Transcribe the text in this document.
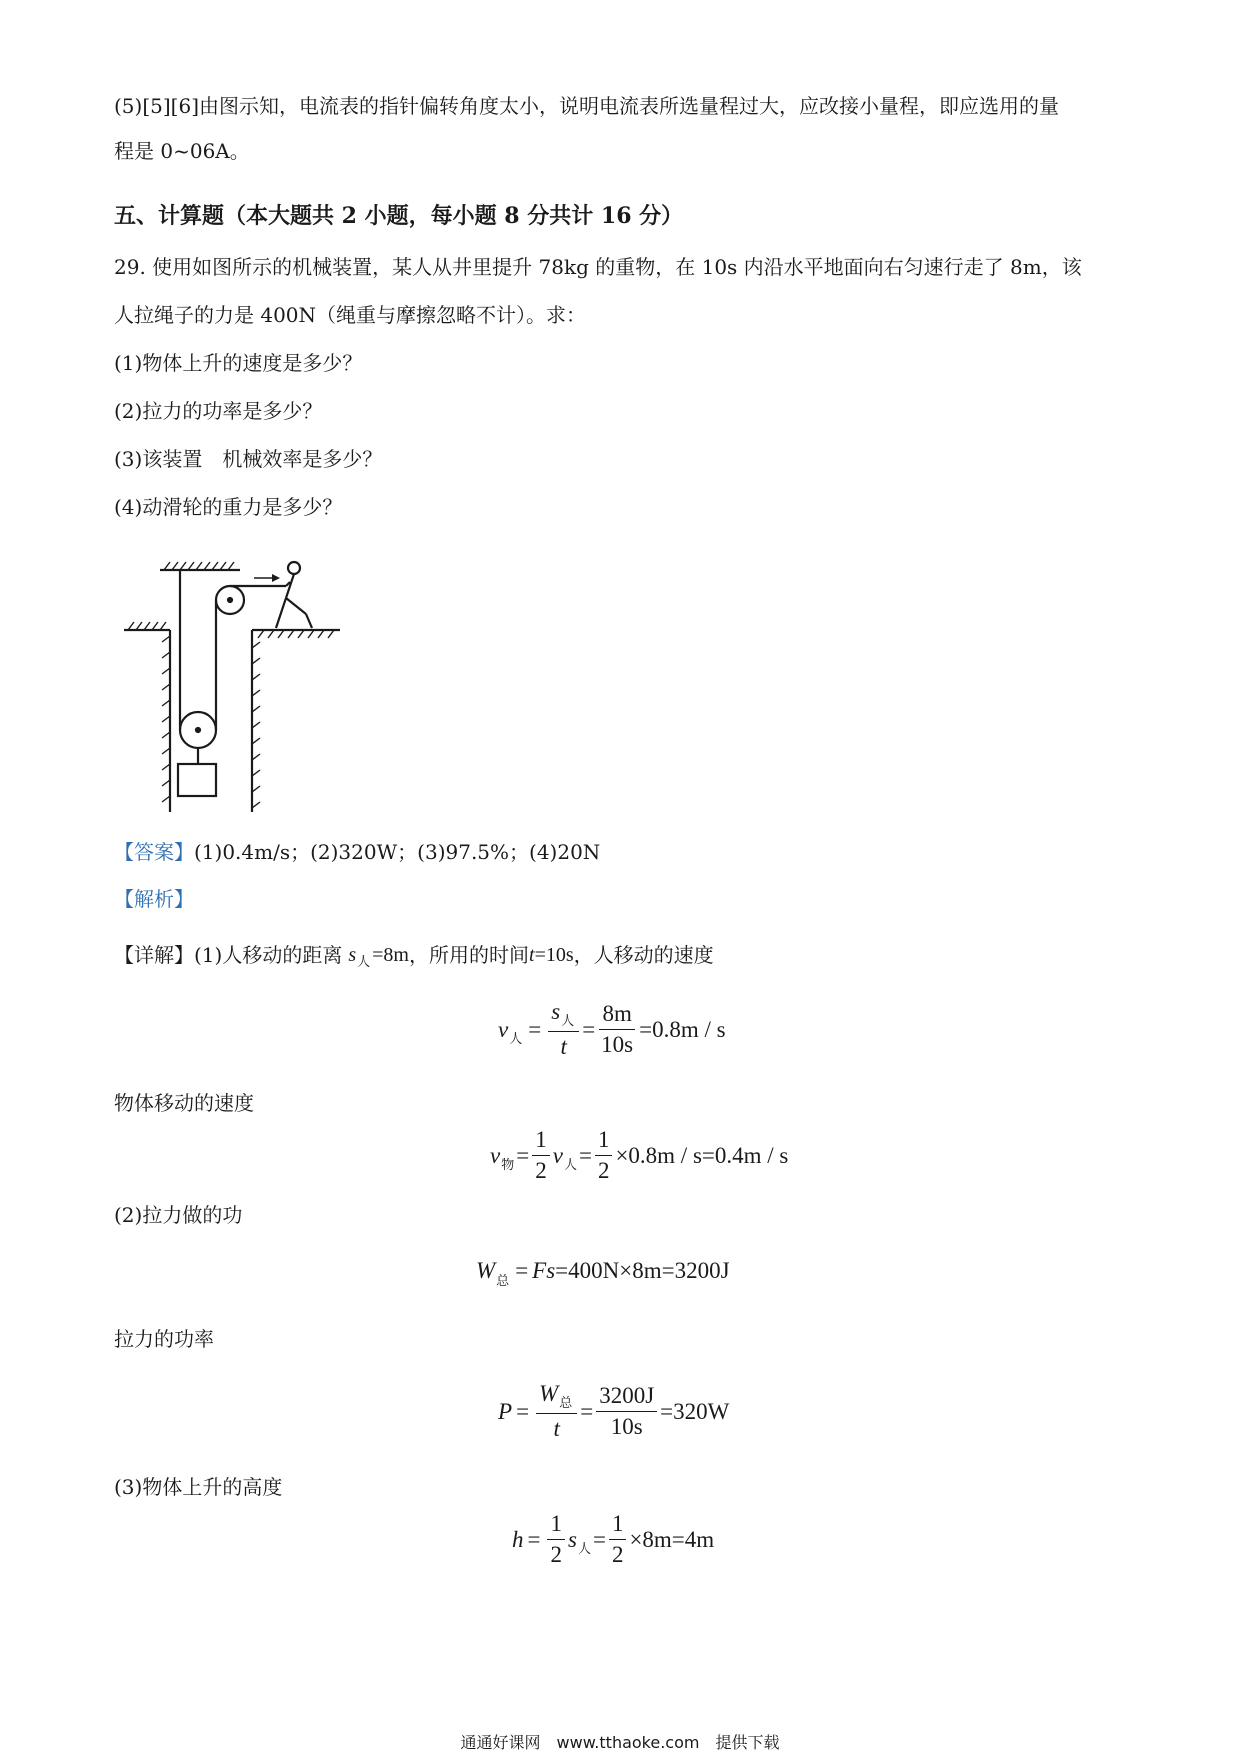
(5)[5][6]由图示知，电流表的指针偏转角度太小，说明电流表所选量程过大，应改接小量程，即应选用的量
程是 0~06A。
五、计算题（本大题共 2 小题，每小题 8 分共计 16 分）
29. 使用如图所示的机械装置，某人从井里提升 78kg 的重物，在 10s 内沿水平地面向右匀速行走了 8m，该
人拉绳子的力是 400N（绳重与摩擦忽略不计）。求：
(1)物体上升的速度是多少？
(2)拉力的功率是多少？
(3)该装置　机械效率是多少？
(4)动滑轮的重力是多少？
【答案】(1)0.4m/s；(2)320W；(3)97.5%；(4)20N
【解析】
【详解】 (1)人移动的距离 s 人 =8m ，所用的时间 t =10s ，人移动的速度
v 人 = $\frac{s_人}{t} = \frac{8m}{10s} =0.8m / s$
物体移动的速度
v 物 = $\frac{1}{2}$ v 人 = $\frac{1}{2} \times 0.8m / s=0.4m / s$
(2)拉力做的功
W 总 = Fs =400N×8m=3200J
拉力的功率
$P = \frac{W_总}{t} = \frac{3200J}{10s} =320W$
(3)物体上升的高度
$h = \frac{1}{2}$ s 人 = $\frac{1}{2} \times 8m=4m$
通通好课网　www.tthaoke.com　提供下载
